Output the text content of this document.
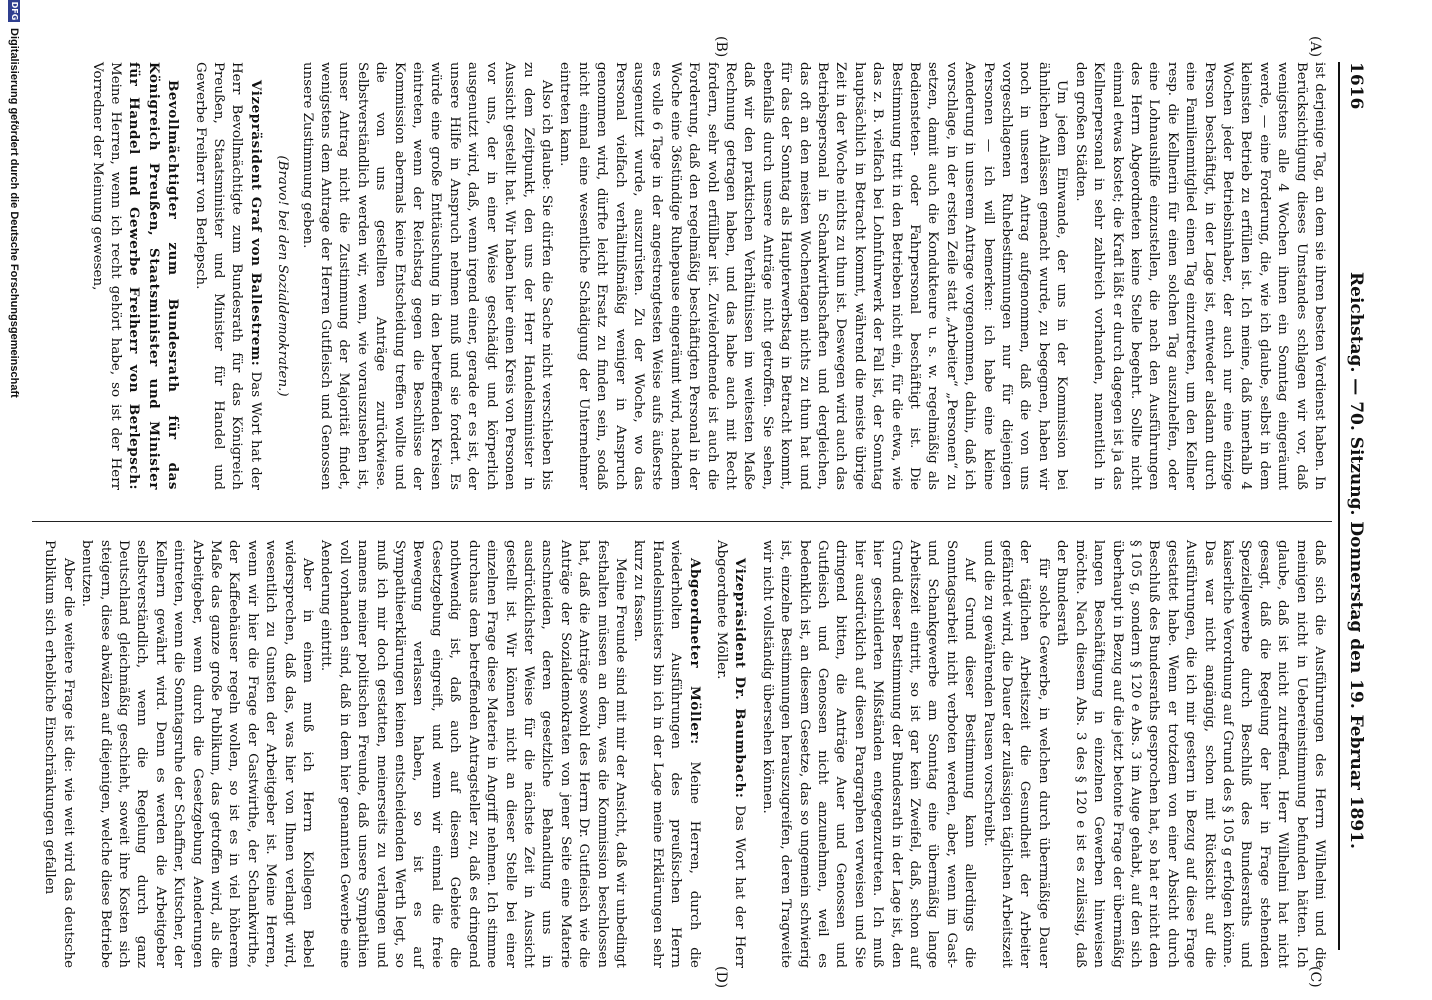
1616
Reichstag. — 70. Sitzung. Donnerstag den 19. Februar 1891.
(A)
(B)
(C)
(D)

ist derjenige Tag, an dem sie ihren besten Verdienst haben. In Berücksichtigung dieses Umstandes schlagen wir vor, daß wenigstens alle 4 Wochen ihnen ein Sonntag eingeräumt werde, — eine Forderung, die, wie ich glaube, selbst in dem kleinsten Betrieb zu erfüllen ist. Ich meine, daß innerhalb 4 Wochen jeder Betriebsinhaber, der auch nur eine einzige Person beschäftigt, in der Lage ist, entweder alsdann durch eine Familienmitglied einen Tag einzutreten, um den Kellner resp. die Kellnerin für einen solchen Tag auszuhelfen, oder eine Lohnaushilfe einzustellen, die nach den Ausführungen des Herrn Abgeordneten keine Stelle begehrt. Sollte nicht einmal etwas kostet; die Kraft läßt er durch dagegen ist ja das Kellnerpersonal in sehr zahlreich vorhanden, namentlich in den großen Städten.

Um jedem Einwande, der uns in der Kommission bei ähnlichen Anlässen gemacht wurde, zu begegnen, haben wir noch in unseren Antrag aufgenommen, daß die von uns vorgeschlagenen Ruhebestimmungen nur für diejenigen Personen — ich will bemerken: ich habe eine kleine Aenderung in unserem Antrage vorgenommen, dahin, daß ich vorschlage, in der ersten Zeile statt „Arbeiter“ „Personen“ zu setzen, damit auch die Kondukteure u. s. w. regelmäßig als Bediensteten- oder Fahrpersonal beschäftigt ist. Die Bestimmung tritt in den Betrieben nicht ein, für die etwa, wie das z. B. vielfach bei Lohnfuhrwerk der Fall ist, der Sonntag hauptsächlich in Betracht kommt, während die meiste übrige Zeit in der Woche nichts zu thun ist. Deswegen wird auch das Betriebspersonal in Schankwirthschaften und dergleichen, das oft an den meisten Wochentagen nichts zu thun hat und für das der Sonntag als Haupterwerbstag in Betracht kommt, ebenfalls durch unsere Anträge nicht getroffen. Sie sehen, daß wir den praktischen Verhältnissen im weitesten Maße Rechnung getragen haben, und das habe auch mit Recht fordern, sehr wohl erfüllbar ist. Zuvielordnende ist auch die Forderung, daß den regelmäßig beschäftigten Personal in der Woche eine 36stündige Ruhepause eingeräumt wird, nachdem es volle 6 Tage in der angestrengtesten Weise aufs äußerste ausgenutzt wurde, auszurüsten. Zu der Woche, wo das Personal vielfach verhältnißmäßig weniger in Anspruch genommen wird, dürfte leicht Ersatz zu finden sein, sodaß nicht einmal eine wesentliche Schädigung der Unternehmer eintreten kann.

Also ich glaube: Sie dürfen die Sache nicht verschieben bis zu dem Zeitpunkt, den uns der Herr Handelsminister in Aussicht gestellt hat. Wir haben hier einen Kreis von Personen vor uns, der in einer Weise geschädigt und körperlich ausgenutzt wird, daß, wenn irgend einer, gerade er es ist, der unsere Hilfe in Anspruch nehmen muß und sie fordert. Es würde eine große Enttäuschung in den betreffenden Kreisen eintreten, wenn der Reichstag gegen die Beschlüsse der Kommission abermals keine Entscheidung treffen wollte und die von uns gestellten Anträge zurückwiese. Selbstverständlich werden wir, wenn, wie vorauszusehen ist, unser Antrag nicht die Zustimmung der Majorität findet, wenigstens dem Antrage der Herren Gutfleisch und Genossen unsere Zustimmung geben.

(Bravo! bei den Sozialdemokraten.)

Vizepräsident Graf von Ballestrem: Das Wort hat der Herr Bevollmächtigte zum Bundesrath für das Königreich Preußen, Staatsminister und Minister für Handel und Gewerbe Freiherr von Berlepsch.

Bevollmächtigter zum Bundesrath für das Königreich Preußen, Staatsminister und Minister für Handel und Gewerbe Freiherr von Berlepsch: Meine Herren, wenn ich recht gehört habe, so ist der Herr Vorredner der Meinung gewesen,

daß sich die Ausführungen des Herrn Wilhelmi und die meinigen nicht in Uebereinstimmung befunden hätten. Ich glaube, daß ist nicht zutreffend. Herr Wilhelmi hat nicht gesagt, daß die Regelung der hier in Frage stehenden Speziellgewerbe durch Beschluß des Bundesraths und kaiserliche Verordnung auf Grund des § 105 g erfolgen könne. Das war nicht angängig, schon mit Rücksicht auf die Ausführungen, die ich mir gestern in Bezug auf diese Frage gestattet habe. Wenn er trotzdem von einer Absicht durch Beschluß des Bundesraths gesprochen hat, so hat er nicht den § 105 g, sondern § 120 e Abs. 3 im Auge gehabt, auf den sich überhaupt in Bezug auf die jetzt betonte Frage der übermäßig langen Beschäftigung in einzelnen Gewerben hinweisen möchte. Nach diesem Abs. 3 des § 120 e ist es zulässig, daß der Bundesrath

für solche Gewerbe, in welchen durch übermäßige Dauer der täglichen Arbeitszeit die Gesundheit der Arbeiter gefährdet wird, die Dauer der zulässigen täglichen Arbeitszeit und die zu gewährenden Pausen vorschreibt.

Auf Grund dieser Bestimmung kann allerdings die Sonntagsarbeit nicht verboten werden, aber, wenn im Gast- und Schankgewerbe am Sonntag eine übermäßig lange Arbeitszeit eintritt, so ist gar kein Zweifel, daß, schon auf Grund dieser Bestimmung der Bundesrath in der Lage ist, den hier geschilderten Mißständen entgegenzutreten. Ich muß hier ausdrücklich auf diesen Paragraphen verweisen und Sie dringend bitten, die Anträge Auer und Genossen und Gutfleisch und Genossen nicht anzunehmen, weil es bedenklich ist, an diesem Gesetze, das so ungemein schwierig ist, einzelne Bestimmungen herauszugreifen, deren Tragweite wir nicht vollständig übersehen können.

Vizepräsident Dr. Baumbach: Das Wort hat der Herr Abgeordnete Möller.

Abgeordneter Möller: Meine Herren, durch die wiederholten Ausführungen des preußischen Herrn Handelsministers bin ich in der Lage meine Erklärungen sehr kurz zu fassen.

Meine Freunde sind mit mir der Ansicht, daß wir unbedingt festhalten müssen an dem, was die Kommission beschlossen hat, daß die Anträge sowohl des Herrn Dr. Gutfleisch wie die Anträge der Sozialdemokraten von jener Seite eine Materie anschneiden, deren gesetzliche Behandlung uns in ausdrücklichster Weise für die nächste Zeit in Aussicht gestellt ist. Wir können nicht an dieser Stelle bei einer einzelnen Frage diese Materie in Angriff nehmen. Ich stimme durchaus dem betreffenden Antragsteller zu, daß es dringend nothwendig ist, daß auch auf diesem Gebiete die Gesetzgebung eingreift, und wenn wir einmal die freie Bewegung verlassen haben, so ist es auf Sympathieerklärungen keinen entscheidenden Werth legt, so muß ich mir doch gestatten, meinerseits zu verlangen und namens meiner politischen Freunde, daß unsere Sympathien voll vorhanden sind, daß in dem hier genannten Gewerbe eine Aenderung eintritt.

Aber in einem muß ich Herrn Kollegen Bebel widersprechen, daß das, was hier von Ihnen verlangt wird, wesentlich zu Gunsten der Arbeitgeber ist. Meine Herren, wenn wir hier die Frage der Gastwirthe, der Schankwirthe, der Kaffeehäuser regeln wollen, so ist es in viel höherem Maße das ganze große Publikum, das getroffen wird, als die Arbeitgeber, wenn durch die Gesetzgebung Aenderungen eintreten, wenn die Sonntagsruhe der Schaffner, Kutscher, der Kellnern gewährt wird. Denn es werden die Arbeitgeber selbstverständlich, wenn die Regelung durch ganz Deutschland gleichmäßig geschieht, soweit ihre Kosten sich steigern, diese abwälzen auf diejenigen, welche diese Betriebe benutzen.

Aber die weitere Frage ist die: wie weit wird das deutsche Publikum sich erhebliche Einschränkungen gefallen

DFG
Digitalisierung gefördert durch die Deutsche Forschungsgemeinschaft
